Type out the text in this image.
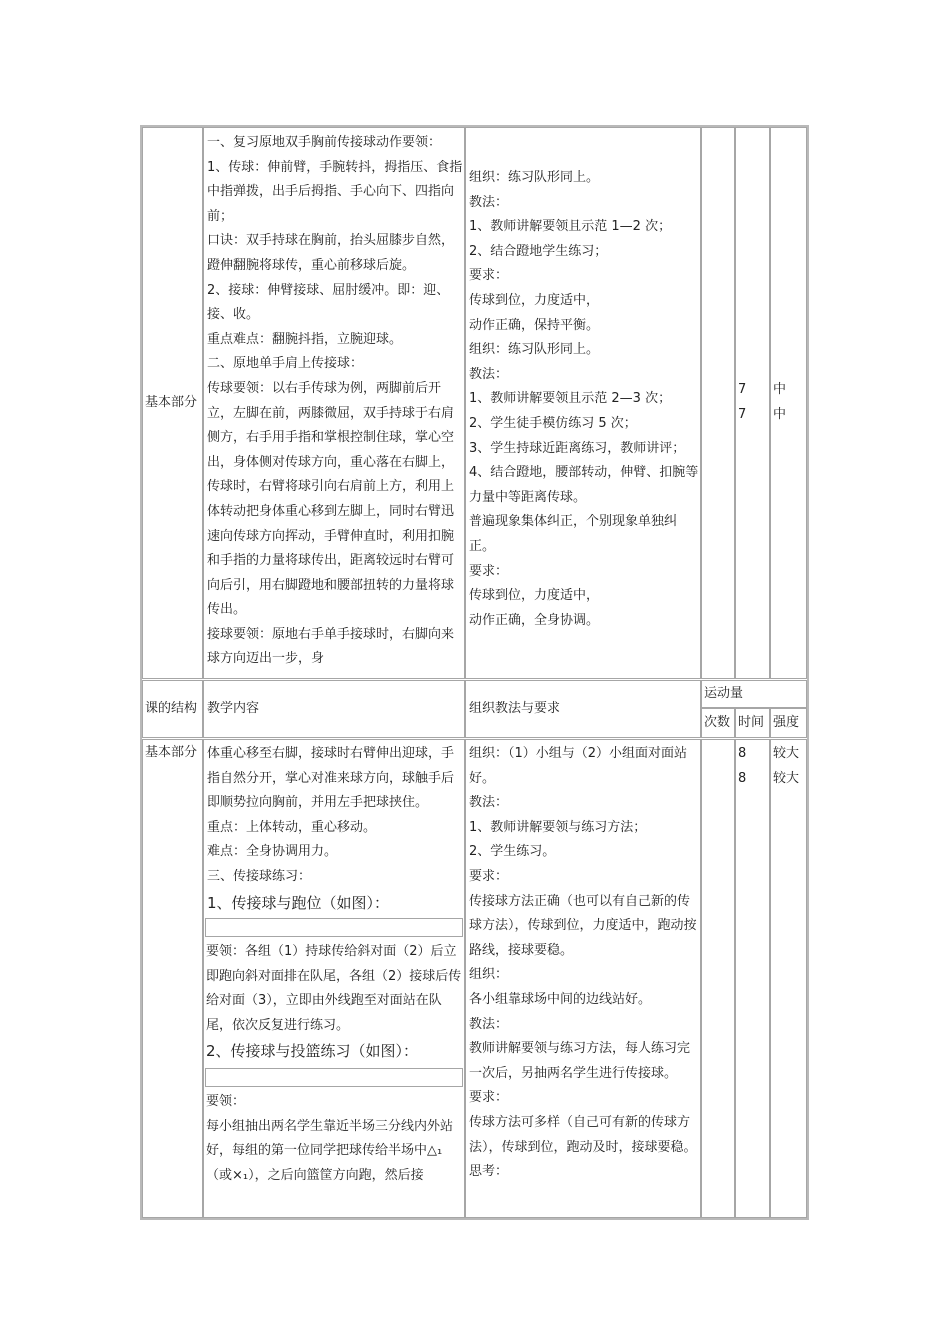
基本部分

一、复习原地双手胸前传接球动作要领：
1、传球：伸前臂，手腕转抖，拇指压、食指中指弹拨，出手后拇指、手心向下、四指向前；
口诀：双手持球在胸前，抬头屈膝步自然，蹬伸翻腕将球传，重心前移球后旋。
2、接球：伸臂接球、屈肘缓冲。即：迎、接、收。
重点难点：翻腕抖指，立腕迎球。
二、原地单手肩上传接球：
传球要领：以右手传球为例，两脚前后开立，左脚在前，两膝微屈，双手持球于右肩侧方，右手用手指和掌根控制住球，掌心空出，身体侧对传球方向，重心落在右脚上，传球时，右臂将球引向右肩前上方，利用上体转动把身体重心移到左脚上，同时右臂迅速向传球方向挥动，手臂伸直时，利用扣腕和手指的力量将球传出，距离较远时右臂可向后引，用右脚蹬地和腰部扭转的力量将球传出。
接球要领：原地右手单手接球时，右脚向来球方向迈出一步，身

组织：练习队形同上。
教法：
1、教师讲解要领且示范 1—2 次；
2、结合蹬地学生练习；
要求：
传球到位，力度适中，
动作正确，保持平衡。
组织：练习队形同上。
教法：
1、教师讲解要领且示范 2—3 次；
2、学生徒手模仿练习 5 次；
3、学生持球近距离练习，教师讲评；
4、结合蹬地，腰部转动，伸臂、扣腕等力量中等距离传球。
普遍现象集体纠正，个别现象单独纠正。
要求：
传球到位，力度适中，
动作正确，全身协调。

7
7

中
中

课的结构 教学内容	组织教法与要求
运动量
次数 时间 强度
基本部分 体重心移至右脚，接球时右臂伸出迎球，手指自然分开，掌心对准来球方向，球触手后即顺势拉向胸前，并用左手把球挟住。
重点：上体转动，重心移动。
难点：全身协调用力。
三、传接球练习：

1、传接球与跑位（如图）：

要领：各组（1）持球传给斜对面（2）后立即跑向斜对面排在队尾，各组（2）接球后传给对面（3），立即由外线跑至对面站在队尾，依次反复进行练习。

2、传接球与投篮练习（如图）：

要领：
每小组抽出两名学生靠近半场三分线内外站好，每组的第一位同学把球传给半场中△₁（或×₁），之后向篮筐方向跑，然后接

组织：（1）小组与（2）小组面对面站好。
教法：
1、教师讲解要领与练习方法；
2、学生练习。
要求：
传接球方法正确（也可以有自己新的传球方法），传球到位，力度适中，跑动按路线，接球要稳。
组织：
各小组靠球场中间的边线站好。
教法：
教师讲解要领与练习方法，每人练习完一次后，另抽两名学生进行传接球。
要求：
传球方法可多样（自己可有新的传球方法），传球到位，跑动及时，接球要稳。
思考：

8
8

较大
较大
